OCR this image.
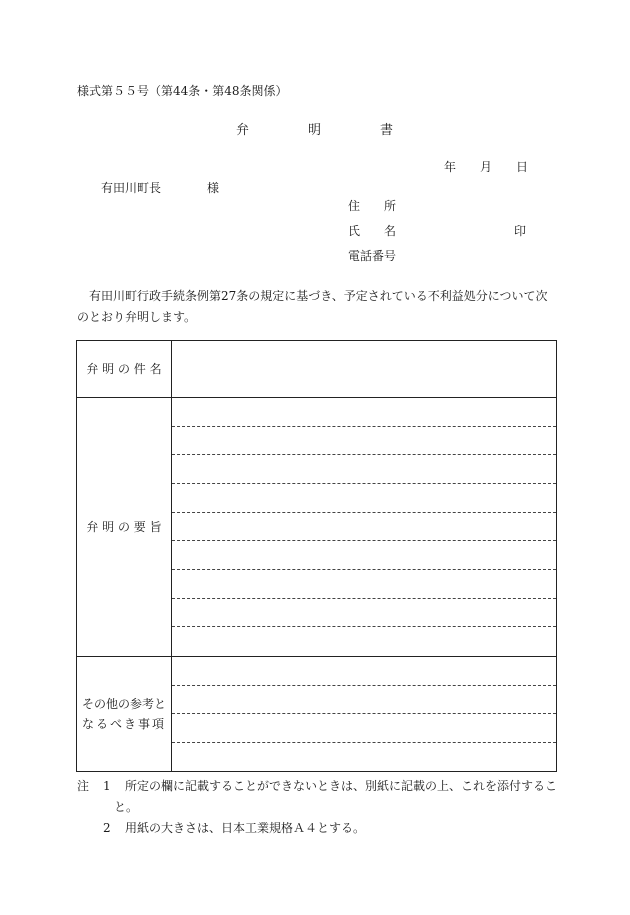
様式第５５号（第44条・第48条関係）
弁	明	書
年 月 日
有田川町長	様
住 所
氏 名	印
電話番号
有田川町行政手続条例第27条の規定に基づき、予定されている不利益処分について次のとおり弁明します。
弁 明 の 件 名	
弁 明 の 要 旨	

その他の参考と
なるべき事項	

注 1 所定の欄に記載することができないときは、別紙に記載の上、これを添付するこ
と。
2 用紙の大きさは、日本工業規格Ａ４とする。
